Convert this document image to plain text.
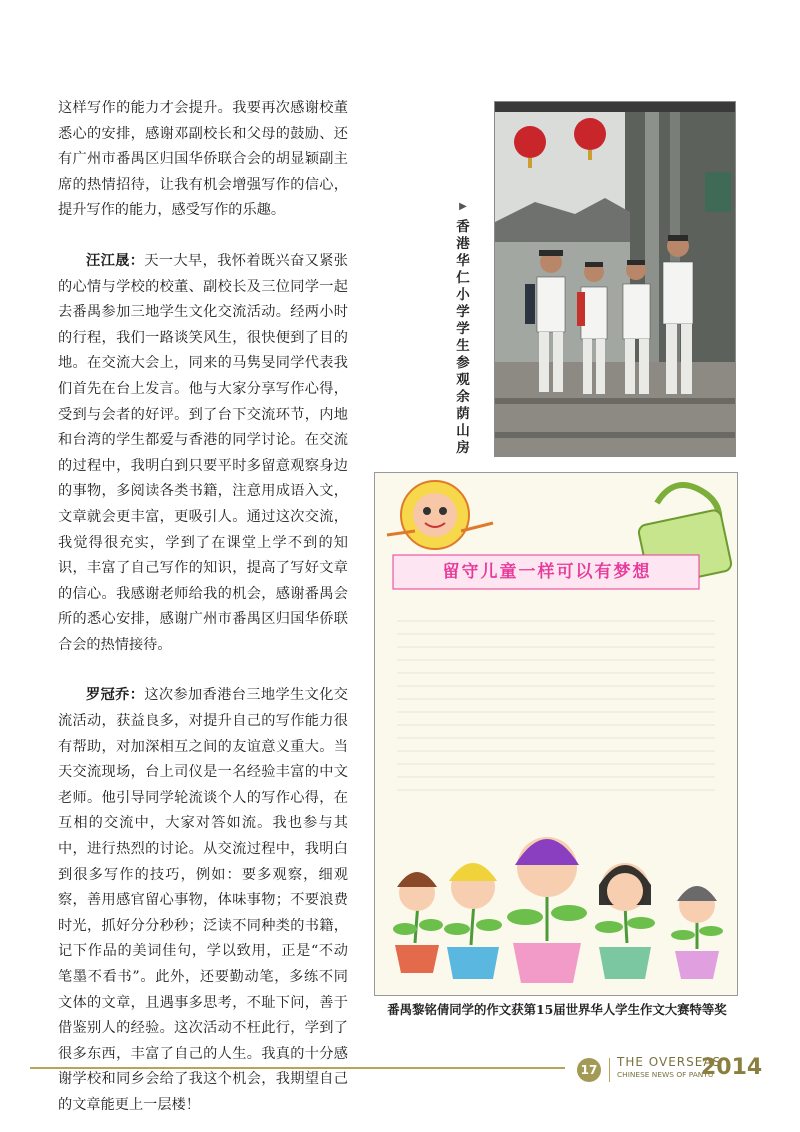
这样写作的能力才会提升。我要再次感谢校董悉心的安排，感谢邓副校长和父母的鼓励、还有广州市番禺区归国华侨联合会的胡显颖副主席的热情招待，让我有机会增强写作的信心，提升写作的能力，感受写作的乐趣。

汪江晟：天一大早，我怀着既兴奋又紧张的心情与学校的校董、副校长及三位同学一起去番禺参加三地学生文化交流活动。经两小时的行程，我们一路谈笑风生，很快便到了目的地。在交流大会上，同来的马隽旻同学代表我们首先在台上发言。他与大家分享写作心得，受到与会者的好评。到了台下交流环节，内地和台湾的学生都爱与香港的同学讨论。在交流的过程中，我明白到只要平时多留意观察身边的事物，多阅读各类书籍，注意用成语入文，文章就会更丰富，更吸引人。通过这次交流，我觉得很充实，学到了在课堂上学不到的知识，丰富了自己写作的知识，提高了写好文章的信心。我感谢老师给我的机会，感谢番禺会所的悉心安排，感谢广州市番禺区归国华侨联合会的热情接待。

罗冠乔：这次参加香港台三地学生文化交流活动，获益良多，对提升自己的写作能力很有帮助，对加深相互之间的友谊意义重大。当天交流现场，台上司仪是一名经验丰富的中文老师。他引导同学轮流谈个人的写作心得，在互相的交流中，大家对答如流。我也参与其中，进行热烈的讨论。从交流过程中，我明白到很多写作的技巧，例如：要多观察，细观察，善用感官留心事物，体味事物；不要浪费时光，抓好分分秒秒；泛读不同种类的书籍，记下作品的美词佳句，学以致用，正是“不动笔墨不看书”。此外，还要勤动笔，多练不同文体的文章，且遇事多思考，不耻下问，善于借鉴别人的经验。这次活动不枉此行，学到了很多东西，丰富了自己的人生。我真的十分感谢学校和同乡会给了我这个机会，我期望自己的文章能更上一层楼！

▶
香港华仁小学学生参观余荫山房
留守儿童一样可以有梦想
番禺黎铭倩同学的作文获第15届世界华人学生作文大赛特等奖
17
THE OVERSEAS
CHINESE NEWS OF PANYU
2014
